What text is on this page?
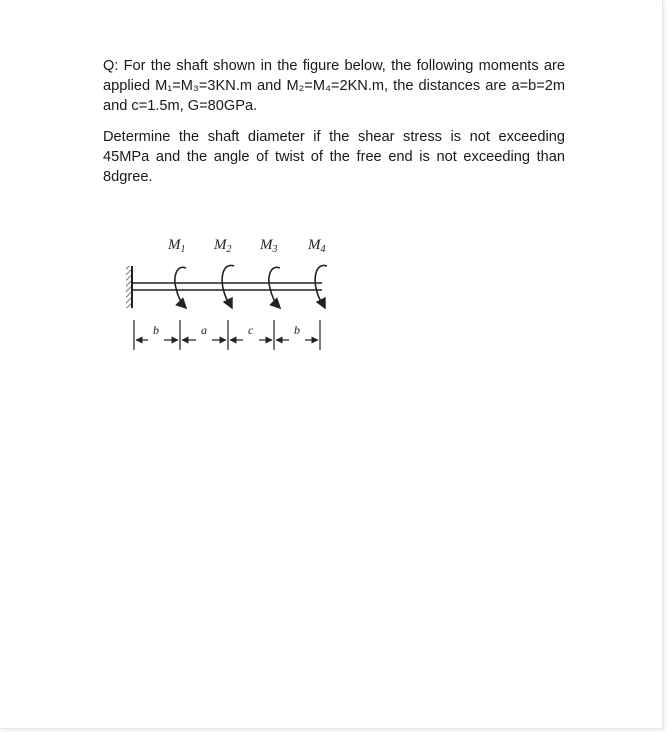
Q: For the shaft shown in the figure below, the following moments are applied M₁=M₃=3KN.m and M₂=M₄=2KN.m, the distances are a=b=2m and c=1.5m, G=80GPa.

Determine the shaft diameter if the shear stress is not exceeding 45MPa and the angle of twist of the free end is not exceeding than 8dgree.

$M_1$ $M_2$ $M_3$ $M_4$
b	a	c	b
